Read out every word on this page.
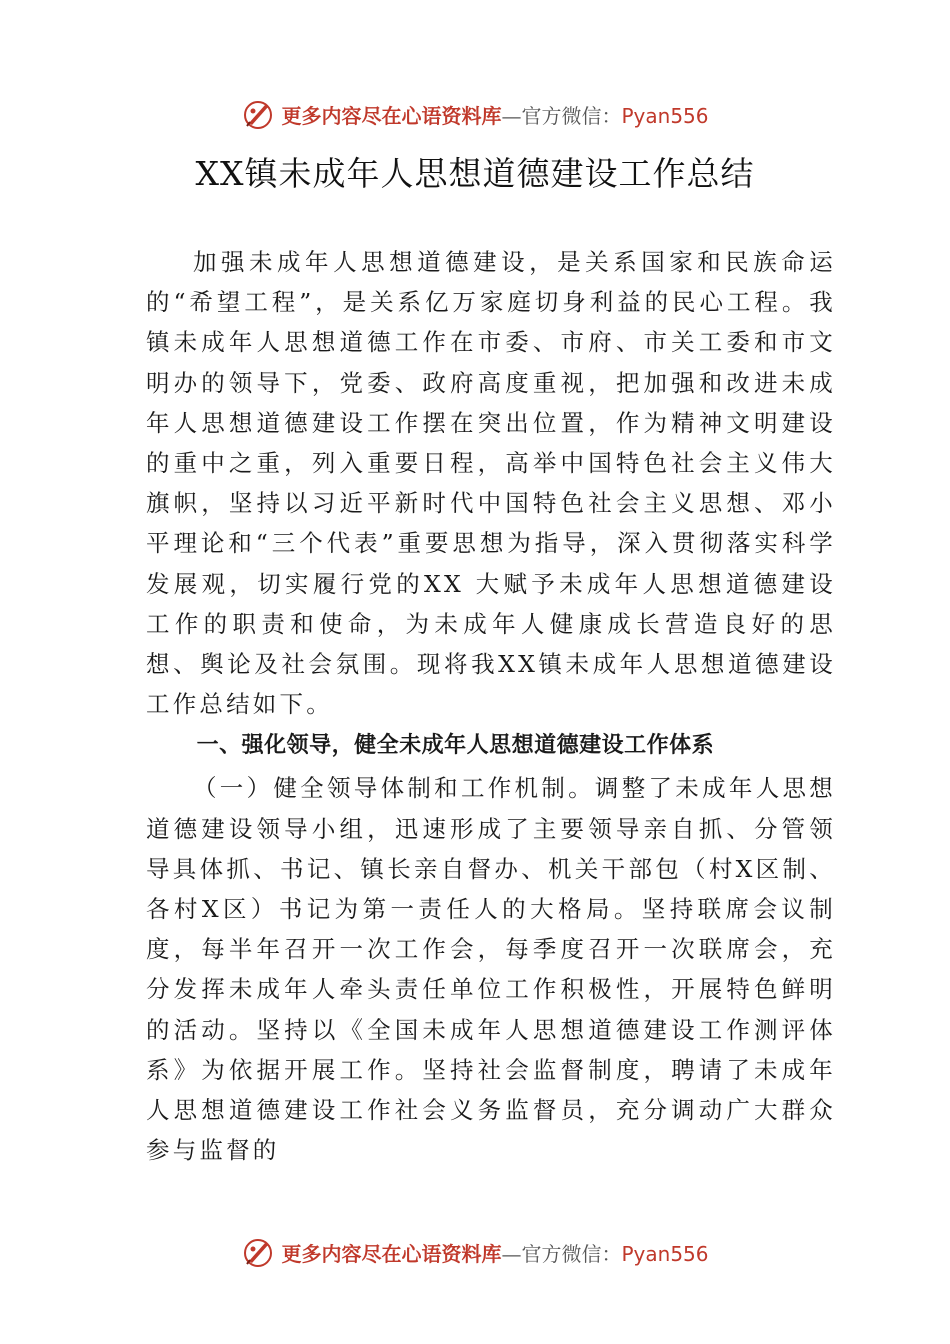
更多内容尽在心语资料库—官方微信：Pyan556
XX镇未成年人思想道德建设工作总结

加强未成年人思想道德建设，是关系国家和民族命运的“希望工程”，是关系亿万家庭切身利益的民心工程。我镇未成年人思想道德工作在市委、市府、市关工委和市文明办的领导下，党委、政府高度重视，把加强和改进未成年人思想道德建设工作摆在突出位置，作为精神文明建设的重中之重，列入重要日程，高举中国特色社会主义伟大旗帜，坚持以习近平新时代中国特色社会主义思想、邓小平理论和“三个代表”重要思想为指导，深入贯彻落实科学发展观，切实履行党的XX 大赋予未成年人思想道德建设工作的职责和使命，为未成年人健康成长营造良好的思想、舆论及社会氛围。现将我XX镇未成年人思想道德建设工作总结如下。

一、强化领导，健全未成年人思想道德建设工作体系

（一）健全领导体制和工作机制。调整了未成年人思想道德建设领导小组，迅速形成了主要领导亲自抓、分管领导具体抓、书记、镇长亲自督办、机关干部包（村X区制、 各村X区）书记为第一责任人的大格局。坚持联席会议制度，每半年召开一次工作会，每季度召开一次联席会，充分发挥未成年人牵头责任单位工作积极性，开展特色鲜明的活动。坚持以《全国未成年人思想道德建设工作测评体系》为依据开展工作。坚持社会监督制度，聘请了未成年人思想道德建设工作社会义务监督员，充分调动广大群众参与监督的

更多内容尽在心语资料库—官方微信：Pyan556
